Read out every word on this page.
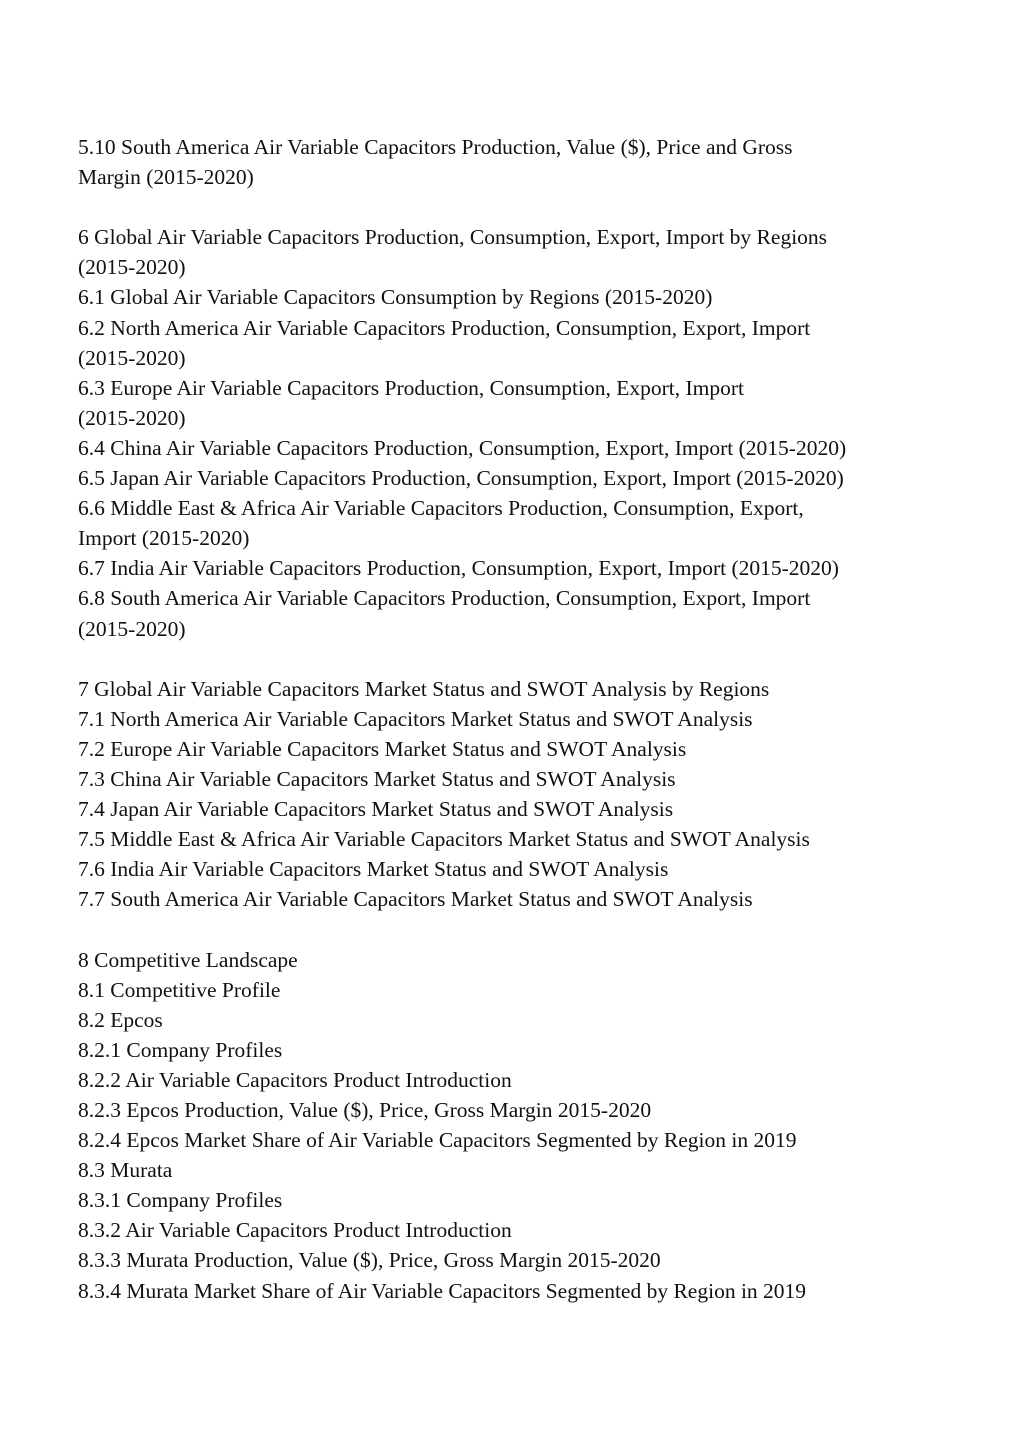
5.10 South America Air Variable Capacitors Production, Value ($), Price and Gross
Margin (2015-2020)
6 Global Air Variable Capacitors Production, Consumption, Export, Import by Regions
(2015-2020)
6.1 Global Air Variable Capacitors Consumption by Regions (2015-2020)
6.2 North America Air Variable Capacitors Production, Consumption, Export, Import
(2015-2020)
6.3 Europe Air Variable Capacitors Production, Consumption, Export, Import
(2015-2020)
6.4 China Air Variable Capacitors Production, Consumption, Export, Import (2015-2020)
6.5 Japan Air Variable Capacitors Production, Consumption, Export, Import (2015-2020)
6.6 Middle East & Africa Air Variable Capacitors Production, Consumption, Export,
Import (2015-2020)
6.7 India Air Variable Capacitors Production, Consumption, Export, Import (2015-2020)
6.8 South America Air Variable Capacitors Production, Consumption, Export, Import
(2015-2020)
7 Global Air Variable Capacitors Market Status and SWOT Analysis by Regions
7.1 North America Air Variable Capacitors Market Status and SWOT Analysis
7.2 Europe Air Variable Capacitors Market Status and SWOT Analysis
7.3 China Air Variable Capacitors Market Status and SWOT Analysis
7.4 Japan Air Variable Capacitors Market Status and SWOT Analysis
7.5 Middle East & Africa Air Variable Capacitors Market Status and SWOT Analysis
7.6 India Air Variable Capacitors Market Status and SWOT Analysis
7.7 South America Air Variable Capacitors Market Status and SWOT Analysis
8 Competitive Landscape
8.1 Competitive Profile
8.2 Epcos
8.2.1 Company Profiles
8.2.2 Air Variable Capacitors Product Introduction
8.2.3 Epcos Production, Value ($), Price, Gross Margin 2015-2020
8.2.4 Epcos Market Share of Air Variable Capacitors Segmented by Region in 2019
8.3 Murata
8.3.1 Company Profiles
8.3.2 Air Variable Capacitors Product Introduction
8.3.3 Murata Production, Value ($), Price, Gross Margin 2015-2020
8.3.4 Murata Market Share of Air Variable Capacitors Segmented by Region in 2019
